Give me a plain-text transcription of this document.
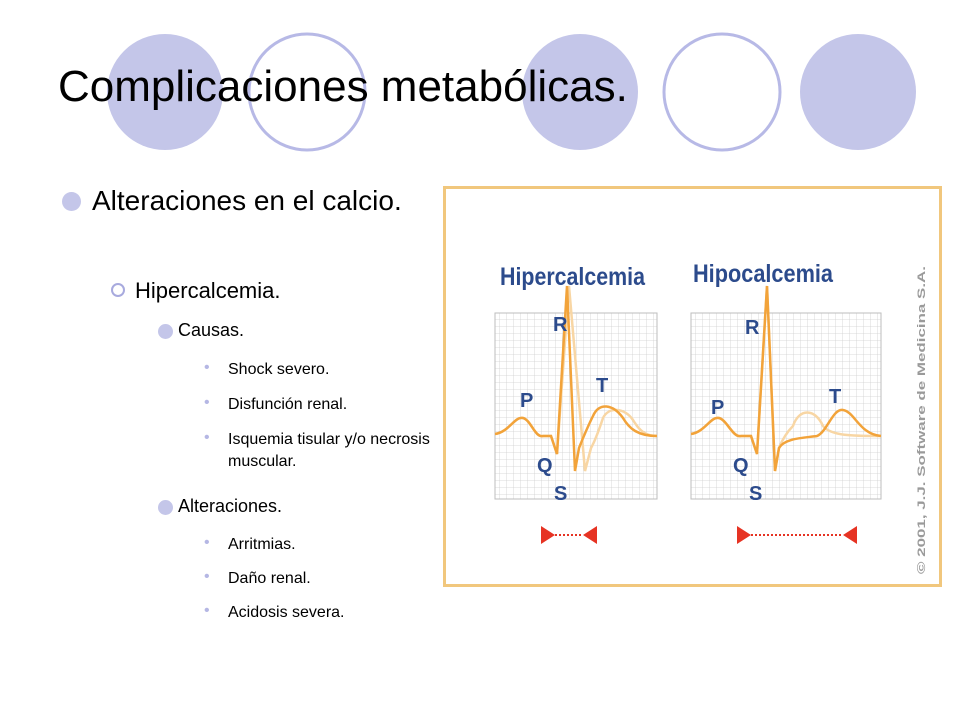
Complicaciones metabólicas.
Alteraciones en el calcio.
Hipercalcemia.
Causas.
• Shock severo.
• Disfunción renal.
• Isquemia tisular y/o necrosis muscular.
Alteraciones.
• Arritmias.
• Daño renal.
• Acidosis severa.
Hipercalcemia Hipocalcemia
R
P
Q
S
T
R
P
Q
S
T	© 2001, J.J. Software de Medicina S.A.
